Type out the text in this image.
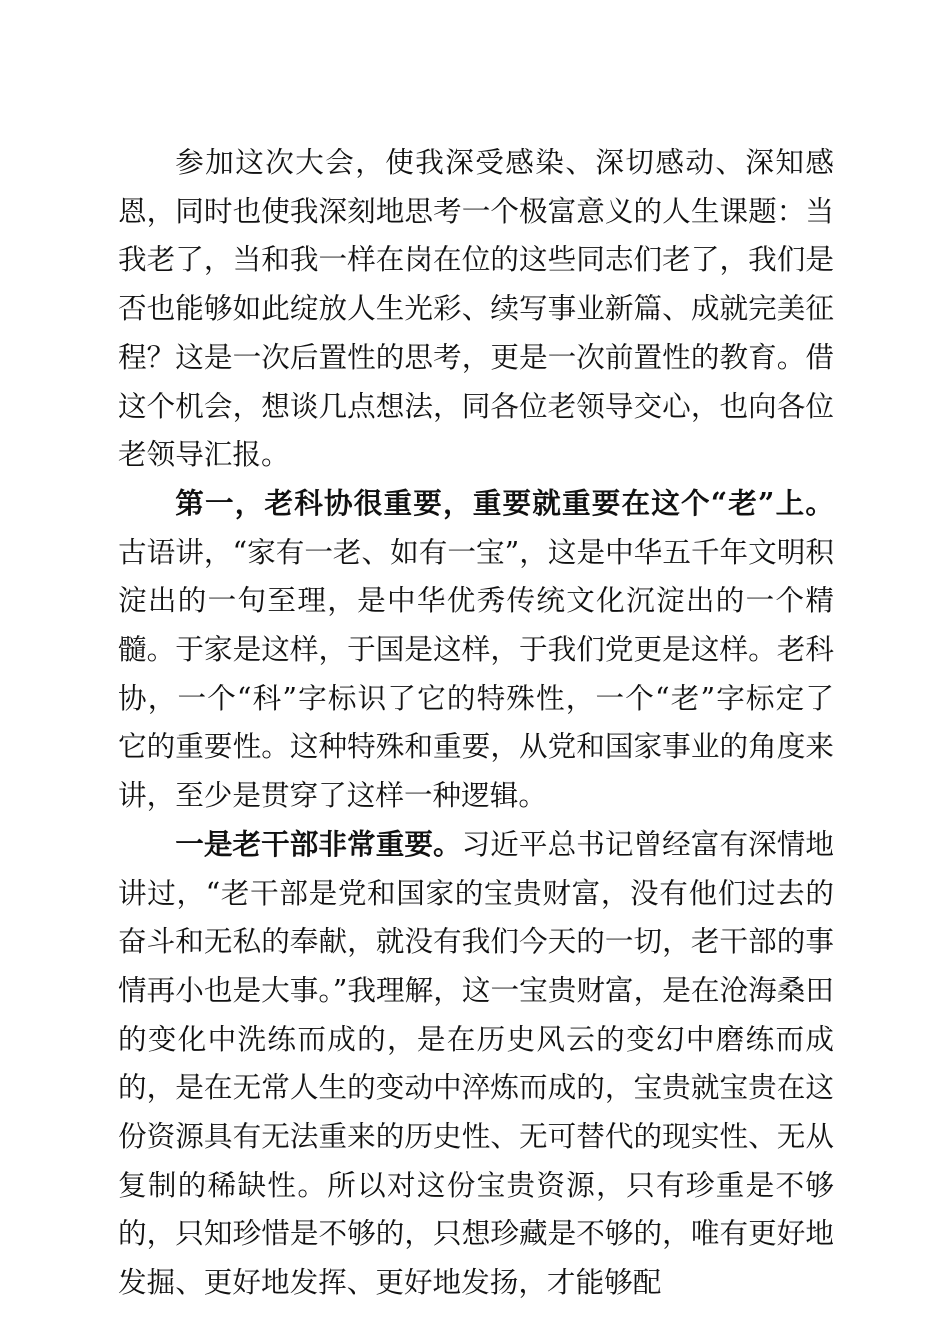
参加这次大会，使我深受感染、深切感动、深知感恩，同时也使我深刻地思考一个极富意义的人生课题：当我老了，当和我一样在岗在位的这些同志们老了，我们是否也能够如此绽放人生光彩、续写事业新篇、成就完美征程？这是一次后置性的思考，更是一次前置性的教育。借这个机会，想谈几点想法，同各位老领导交心，也向各位老领导汇报。

第一，老科协很重要，重要就重要在这个“老”上。古语讲，“家有一老、如有一宝”，这是中华五千年文明积淀出的一句至理，是中华优秀传统文化沉淀出的一个精髓。于家是这样，于国是这样，于我们党更是这样。老科协，一个“科”字标识了它的特殊性，一个“老”字标定了它的重要性。这种特殊和重要，从党和国家事业的角度来讲，至少是贯穿了这样一种逻辑。

一是老干部非常重要。习近平总书记曾经富有深情地讲过，“老干部是党和国家的宝贵财富，没有他们过去的奋斗和无私的奉献，就没有我们今天的一切，老干部的事情再小也是大事。”我理解，这一宝贵财富，是在沧海桑田的变化中洗练而成的，是在历史风云的变幻中磨练而成的，是在无常人生的变动中淬炼而成的，宝贵就宝贵在这份资源具有无法重来的历史性、无可替代的现实性、无从复制的稀缺性。所以对这份宝贵资源，只有珍重是不够的，只知珍惜是不够的，只想珍藏是不够的，唯有更好地发掘、更好地发挥、更好地发扬，才能够配
